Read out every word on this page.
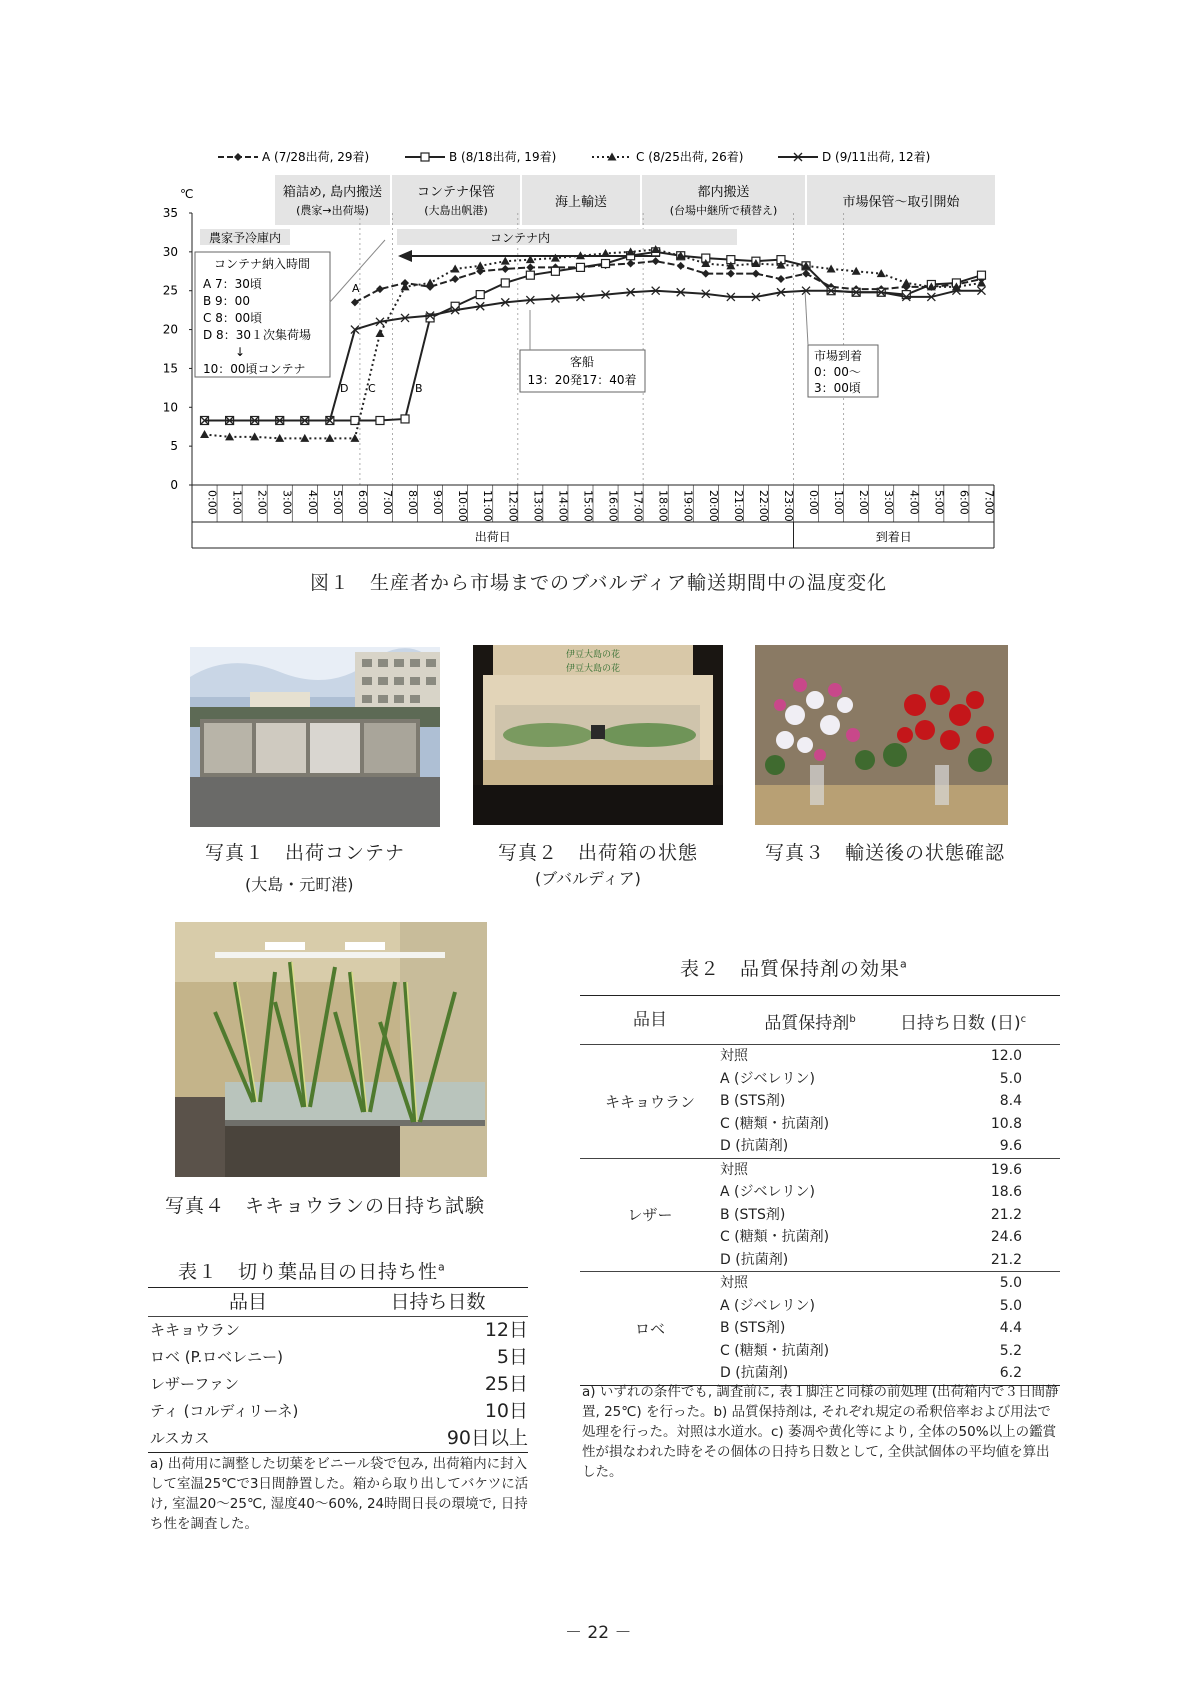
A (7/28出荷, 29着)	B (8/18出荷, 19着)	C (8/25出荷, 26着)	D (9/11出荷, 12着)
箱詰め, 島内搬送
(農家→出荷場)
コンテナ保管
(大島出帆港)
海上輸送
都内搬送
(台場中継所で積替え)
市場保管～取引開始
℃
0
5
10
15
20
25
30
35
0:00 1:00 2:00 3:00 4:00 5:00 6:00 7:00 8:00 9:00 10:00 11:00 12:00 13:00 14:00 15:00 16:00 17:00 18:00 19:00 20:00 21:00 22:00 23:00 0:00 1:00 2:00 3:00 4:00 5:00 6:00 7:00
出荷日	到着日
農家予冷庫内	コンテナ内
コンテナ納入時間
A 7：30頃
B 9：00
C 8：00頃
D 8：30１次集荷場
↓
10：00頃コンテナ	客船
13：20発17：40着
市場到着
0：00～
3：00頃
A
B
C
D
図１　生産者から市場までのブバルディア輸送期間中の温度変化
伊豆大島の花
伊豆大島の花
写真１　出荷コンテナ
(大島・元町港)
写真２　出荷箱の状態
(ブバルディア)
写真３　輸送後の状態確認
写真４　キキョウランの日持ち試験
表１　切り葉品目の日持ち性$^a$
品目	日持ち日数
キキョウラン	12日
ロベ (P.ロベレニー)	5日
レザーファン	25日
ティ (コルディリーネ)	10日
ルスカス	90日以上
a) 出荷用に調整した切葉をビニール袋で包み, 出荷箱内に封入して室温25℃で3日間静置した。箱から取り出してバケツに活け, 室温20～25℃, 湿度40～60%, 24時間日長の環境で, 日持ち性を調査した。
表２　品質保持剤の効果$^a$
品目	品質保持剤$^b$	日持ち日数 (日)$^c$
キキョウラン
対照	12.0
A (ジベレリン)	5.0
B (STS剤)	8.4
C (糖類・抗菌剤)	10.8
D (抗菌剤)	9.6
レザー
対照	19.6
A (ジベレリン)	18.6
B (STS剤)	21.2
C (糖類・抗菌剤)	24.6
D (抗菌剤)	21.2
ロベ
対照	5.0
A (ジベレリン)	5.0
B (STS剤)	4.4
C (糖類・抗菌剤)	5.2
D (抗菌剤)	6.2
a) いずれの条件でも, 調査前に, 表１脚注と同様の前処理 (出荷箱内で３日間静置, 25℃) を行った。b) 品質保持剤は, それぞれ規定の希釈倍率および用法で処理を行った。対照は水道水。c) 萎凋や黄化等により, 全体の50%以上の鑑賞性が損なわれた時をその個体の日持ち日数として, 全供試個体の平均値を算出した。
－ 22 －
